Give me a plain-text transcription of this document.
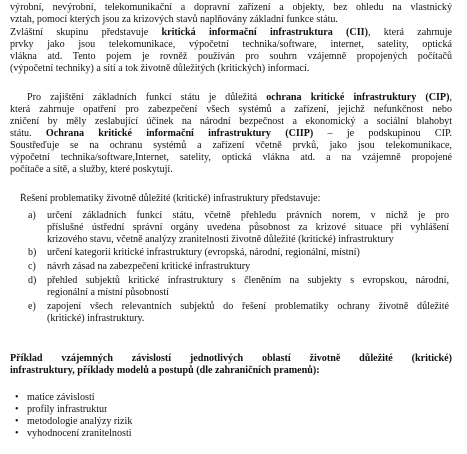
výrobní, nevýrobní, telekomunikační a dopravní zařízení a objekty, bez ohledu na vlastnický
vztah, pomocí kterých jsou za krizových stavů naplňovány základní funkce státu.
Zvláštní skupinu představuje kritická informační infrastruktura (CII), která zahrnuje
prvky jako jsou telekomunikace, výpočetní technika/software, internet, satelity, optická
vlákna atd. Tento pojem je rovněž používán pro souhrn vzájemně propojených počítačů
(výpočetní techniky) a sítí a tok životně důležitých (kritických) informací.
Pro zajištění základních funkcí státu je důležitá ochrana kritické infrastruktury (CIP),
která zahrnuje opatření pro zabezpečení všech systémů a zařízení, jejichž nefunkčnost nebo
zničení by měly zeslabující účinek na národní bezpečnost a ekonomický a sociální blahobyt
státu. Ochrana kritické informační infrastruktury (CIIP) – je podskupinou CIP.
Soustřeďuje se na ochranu systémů a zařízení včetně prvků, jako jsou telekomunikace,
výpočetní technika/software,Internet, satelity, optická vlákna atd. a na vzájemně propojené
počítače a sítě, a služby, které poskytují.
Řešení problematiky životně důležité (kritické) infrastruktury představuje:
a) určení základních funkcí státu, včetně přehledu právních norem, v nichž je pro
příslušné ústřední správní orgány uvedena působnost za krizové situace při vyhlášení
krizového stavu, včetně analýzy zranitelnosti životně důležité (kritické) infrastruktury
b) určení kategorií kritické infrastruktury (evropská, národní, regionální, místní)
c) návrh zásad na zabezpečení kritické infrastruktury
d) přehled subjektů kritické infrastruktury s členěním na subjekty s evropskou, národní,
regionální a místní působností
e) zapojení všech relevantních subjektů do řešení problematiky ochrany životně důležité
(kritické) infrastruktury.
Příklad vzájemných závislostí jednotlivých oblastí životně důležité (kritické)
infrastruktury, příklady modelů a postupů (dle zahraničních pramenů):
• matice závislostí
• profily infrastruktur
• metodologie analýzy rizik
• vyhodnocení zranitelnosti
